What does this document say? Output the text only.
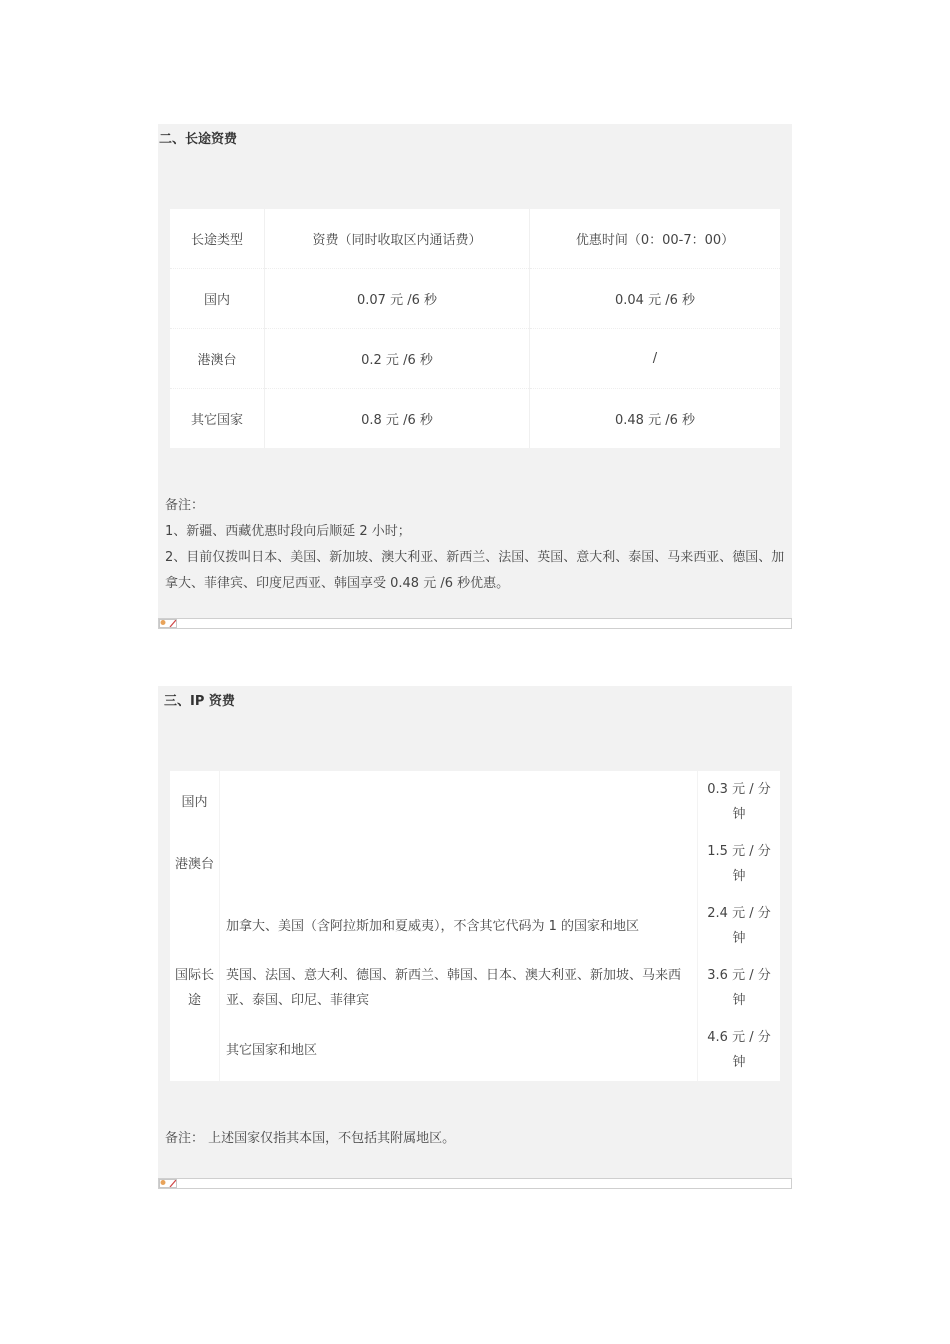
二、长途资费
长途类型	资费（同时收取区内通话费）	优惠时间（0：00-7：00）
国内	0.07 元 /6 秒	0.04 元 /6 秒
港澳台	0.2 元 /6 秒	/
其它国家	0.8 元 /6 秒	0.48 元 /6 秒
备注：
1、新疆、西藏优惠时段向后顺延 2 小时；
2、目前仅拨叫日本、美国、新加坡、澳大利亚、新西兰、法国、英国、意大利、泰国、马来西亚、德国、加拿大、菲律宾、印度尼西亚、韩国享受 0.48 元 /6 秒优惠。
三、IP 资费
国内		0.3 元 / 分钟
港澳台		1.5 元 / 分钟
国际长途	加拿大、美国（含阿拉斯加和夏威夷），不含其它代码为 1 的国家和地区	2.4 元 / 分钟
	英国、法国、意大利、德国、新西兰、韩国、日本、澳大利亚、新加坡、马来西亚、泰国、印尼、菲律宾	3.6 元 / 分钟
	其它国家和地区	4.6 元 / 分钟
备注： 上述国家仅指其本国，不包括其附属地区。
